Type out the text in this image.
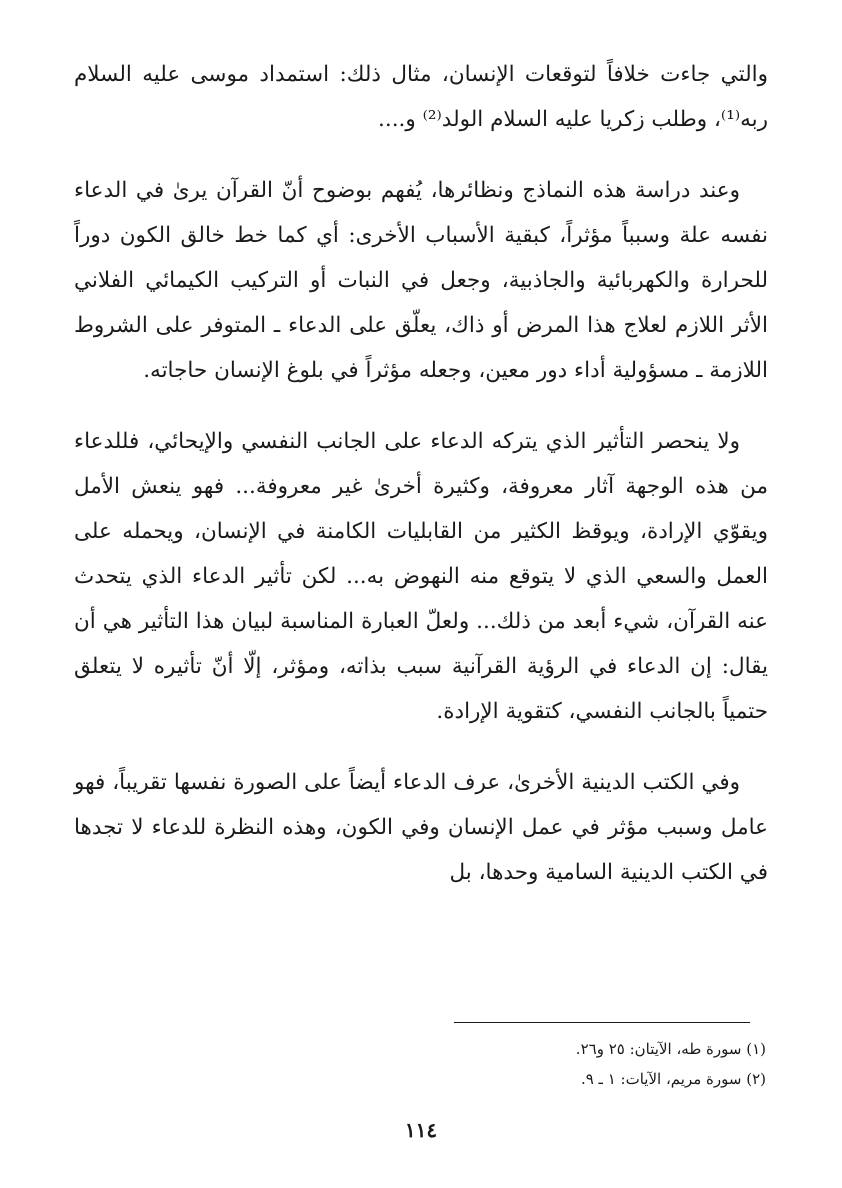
والتي جاءت خلافاً لتوقعات الإنسان، مثال ذلك: استمداد موسى عليه السلام ربه⁽¹⁾، وطلب زكريا عليه السلام الولد⁽²⁾ و....

وعند دراسة هذه النماذج ونظائرها، يُفهم بوضوح أنّ القرآن يرىٰ في الدعاء نفسه علة وسبباً مؤثراً، كبقية الأسباب الأخرى: أي كما خط خالق الكون دوراً للحرارة والكهربائية والجاذبية، وجعل في النبات أو التركيب الكيمائي الفلاني الأثر اللازم لعلاج هذا المرض أو ذاك، يعلّق على الدعاء ـ المتوفر على الشروط اللازمة ـ مسؤولية أداء دور معين، وجعله مؤثراً في بلوغ الإنسان حاجاته.

ولا ينحصر التأثير الذي يتركه الدعاء على الجانب النفسي والإيحائي، فللدعاء من هذه الوجهة آثار معروفة، وكثيرة أخرىٰ غير معروفة... فهو ينعش الأمل ويقوّي الإرادة، ويوقظ الكثير من القابليات الكامنة في الإنسان، ويحمله على العمل والسعي الذي لا يتوقع منه النهوض به... لكن تأثير الدعاء الذي يتحدث عنه القرآن، شيء أبعد من ذلك... ولعلّ العبارة المناسبة لبيان هذا التأثير هي أن يقال: إن الدعاء في الرؤية القرآنية سبب بذاته، ومؤثر، إلّا أنّ تأثيره لا يتعلق حتمياً بالجانب النفسي، كتقوية الإرادة.

وفي الكتب الدينية الأخرىٰ، عرف الدعاء أيضاً على الصورة نفسها تقريباً، فهو عامل وسبب مؤثر في عمل الإنسان وفي الكون، وهذه النظرة للدعاء لا تجدها في الكتب الدينية السامية وحدها، بل

(١) سورة طه، الآيتان: ٢٥ و٢٦.

(٢) سورة مريم، الآيات: ١ ـ ٩.

١١٤
